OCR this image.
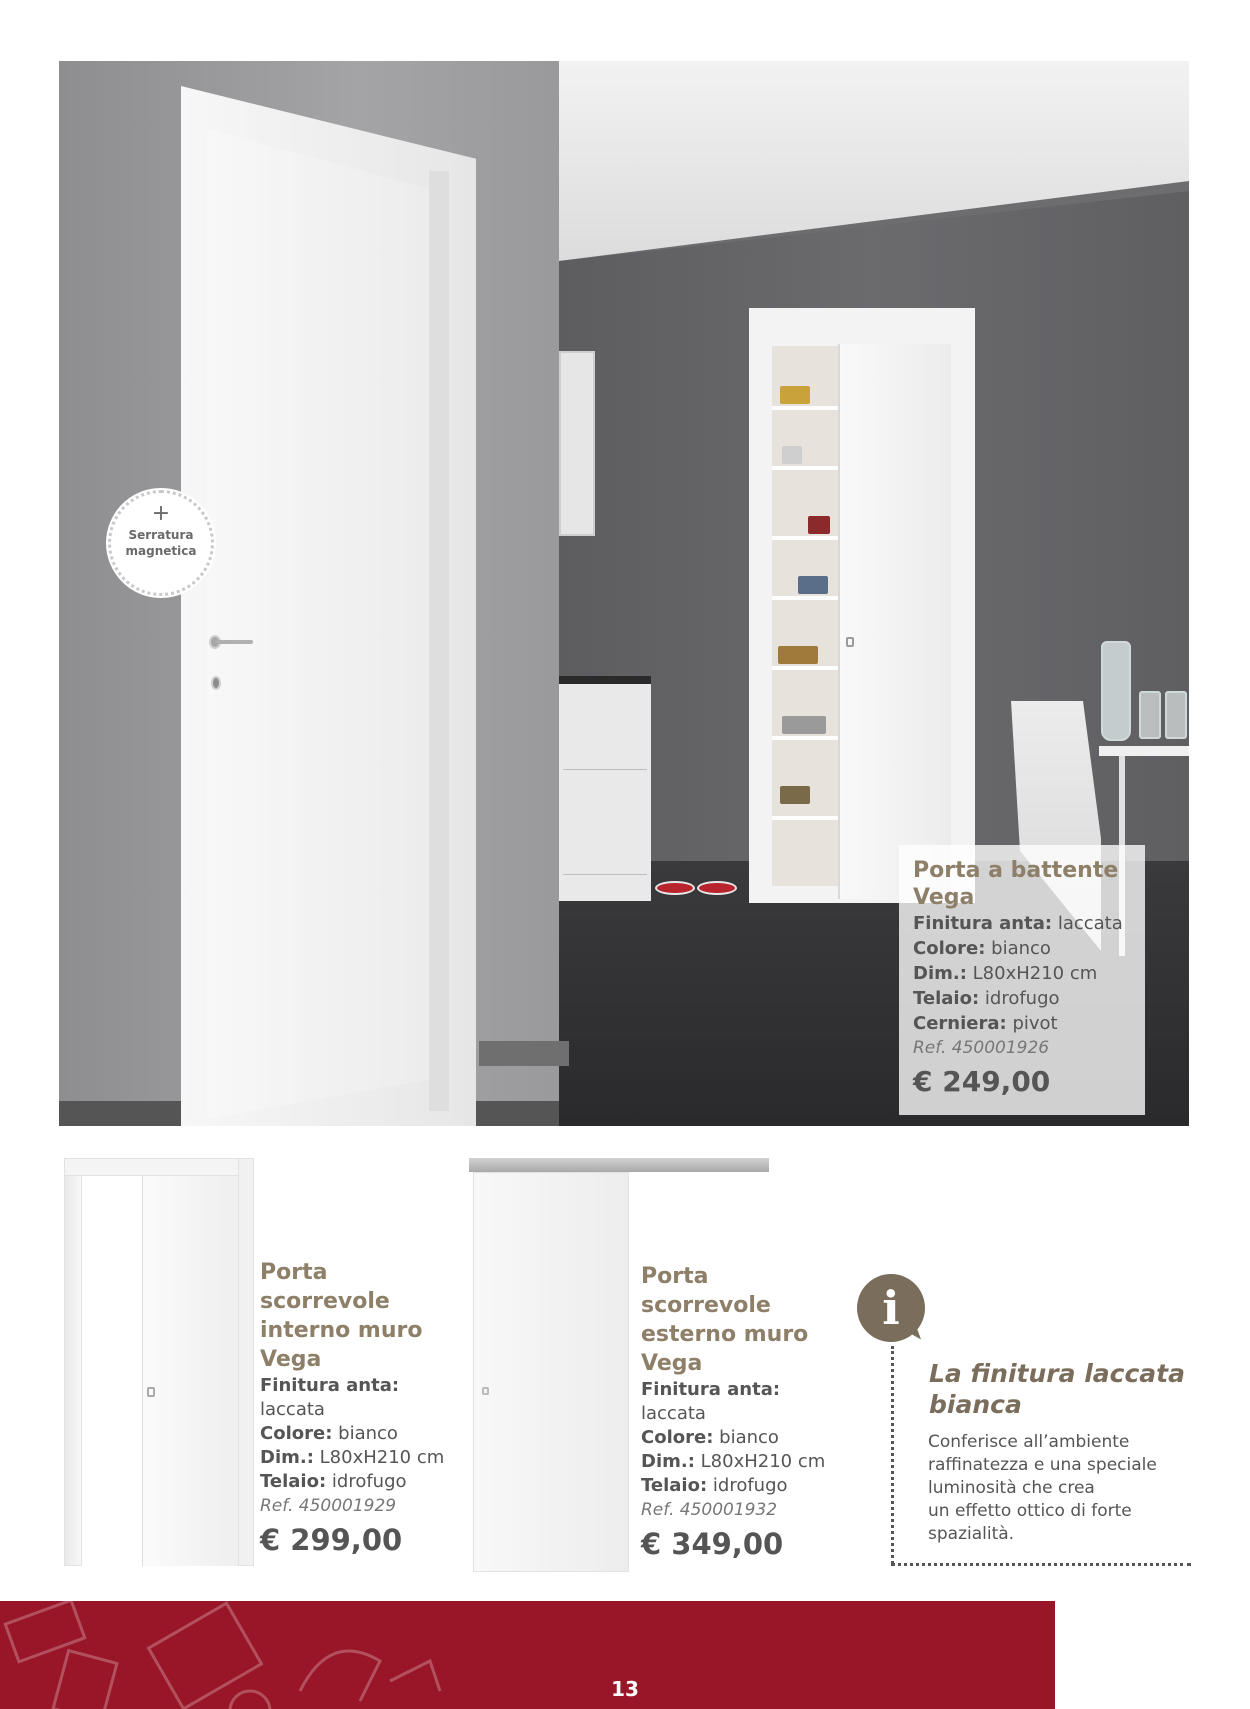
+
Serratura
magnetica
Porta a battente
Vega
Finitura anta: laccata
Colore: bianco
Dim.: L80xH210 cm
Telaio: idrofugo
Cerniera: pivot
Ref. 450001926
€ 249,00
Porta
scorrevole
interno muro
Vega
Finitura anta:
laccata
Colore: bianco
Dim.: L80xH210 cm
Telaio: idrofugo
Ref. 450001929
€ 299,00
Porta
scorrevole
esterno muro
Vega
Finitura anta:
laccata
Colore: bianco
Dim.: L80xH210 cm
Telaio: idrofugo
Ref. 450001932
€ 349,00
i
La finitura laccata
bianca
Conferisce all’ambiente
raffinatezza e una speciale
luminosità che crea
un effetto ottico di forte
spazialità.
13
